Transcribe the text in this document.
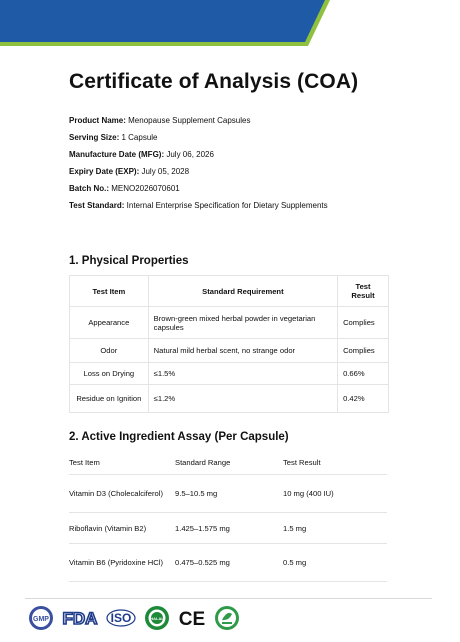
Certificate of Analysis (COA)
Product Name: Menopause Supplement Capsules
Serving Size: 1 Capsule
Manufacture Date (MFG): July 06, 2026
Expiry Date (EXP): July 05, 2028
Batch No.: MENO2026070601
Test Standard: Internal Enterprise Specification for Dietary Supplements
1. Physical Properties
Test Item	Standard Requirement	Test Result
Appearance	Brown-green mixed herbal powder in vegetarian capsules	Complies
Odor	Natural mild herbal scent, no strange odor	Complies
Loss on Drying	≤1.5%	0.66%
Residue on Ignition	≤1.2%	0.42%
2. Active Ingredient Assay (Per Capsule)
Test Item	Standard Range	Test Result
Vitamin D3 (Cholecalciferol)	9.5–10.5 mg	10 mg (400 IU)
Riboflavin (Vitamin B2)	1.425–1.575 mg	1.5 mg
Vitamin B6 (Pyridoxine HCl)	0.475–0.525 mg	0.5 mg
GMP FDA ISO	HALAL CE
